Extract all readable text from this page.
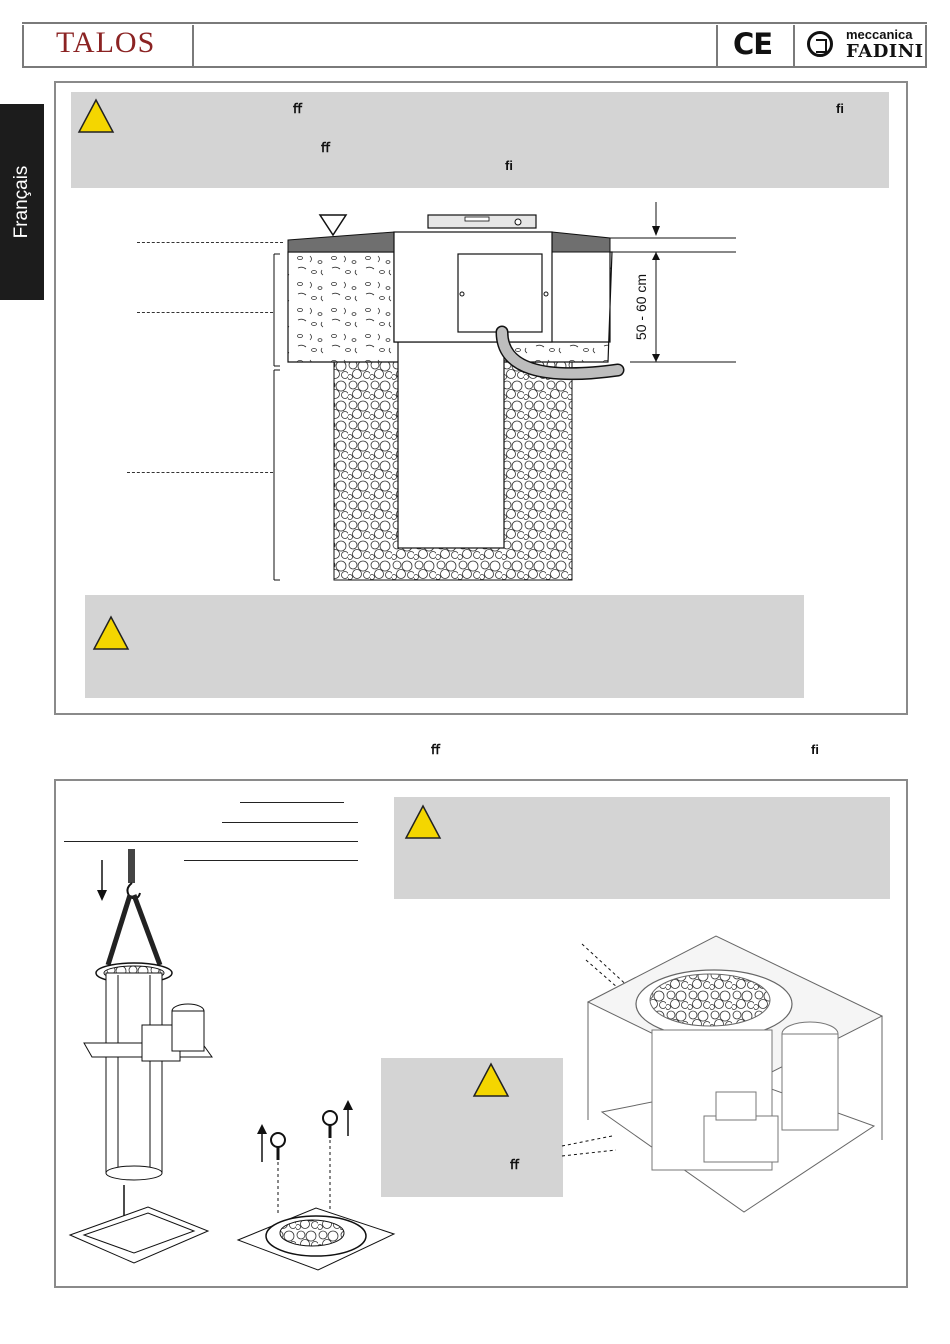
TALOS	CE	meccanica
FADINI
Français
ﬀ	ﬁ
ﬀ
ﬁ
50 - 60 cm
ﬀ	ﬁ
ﬀ
